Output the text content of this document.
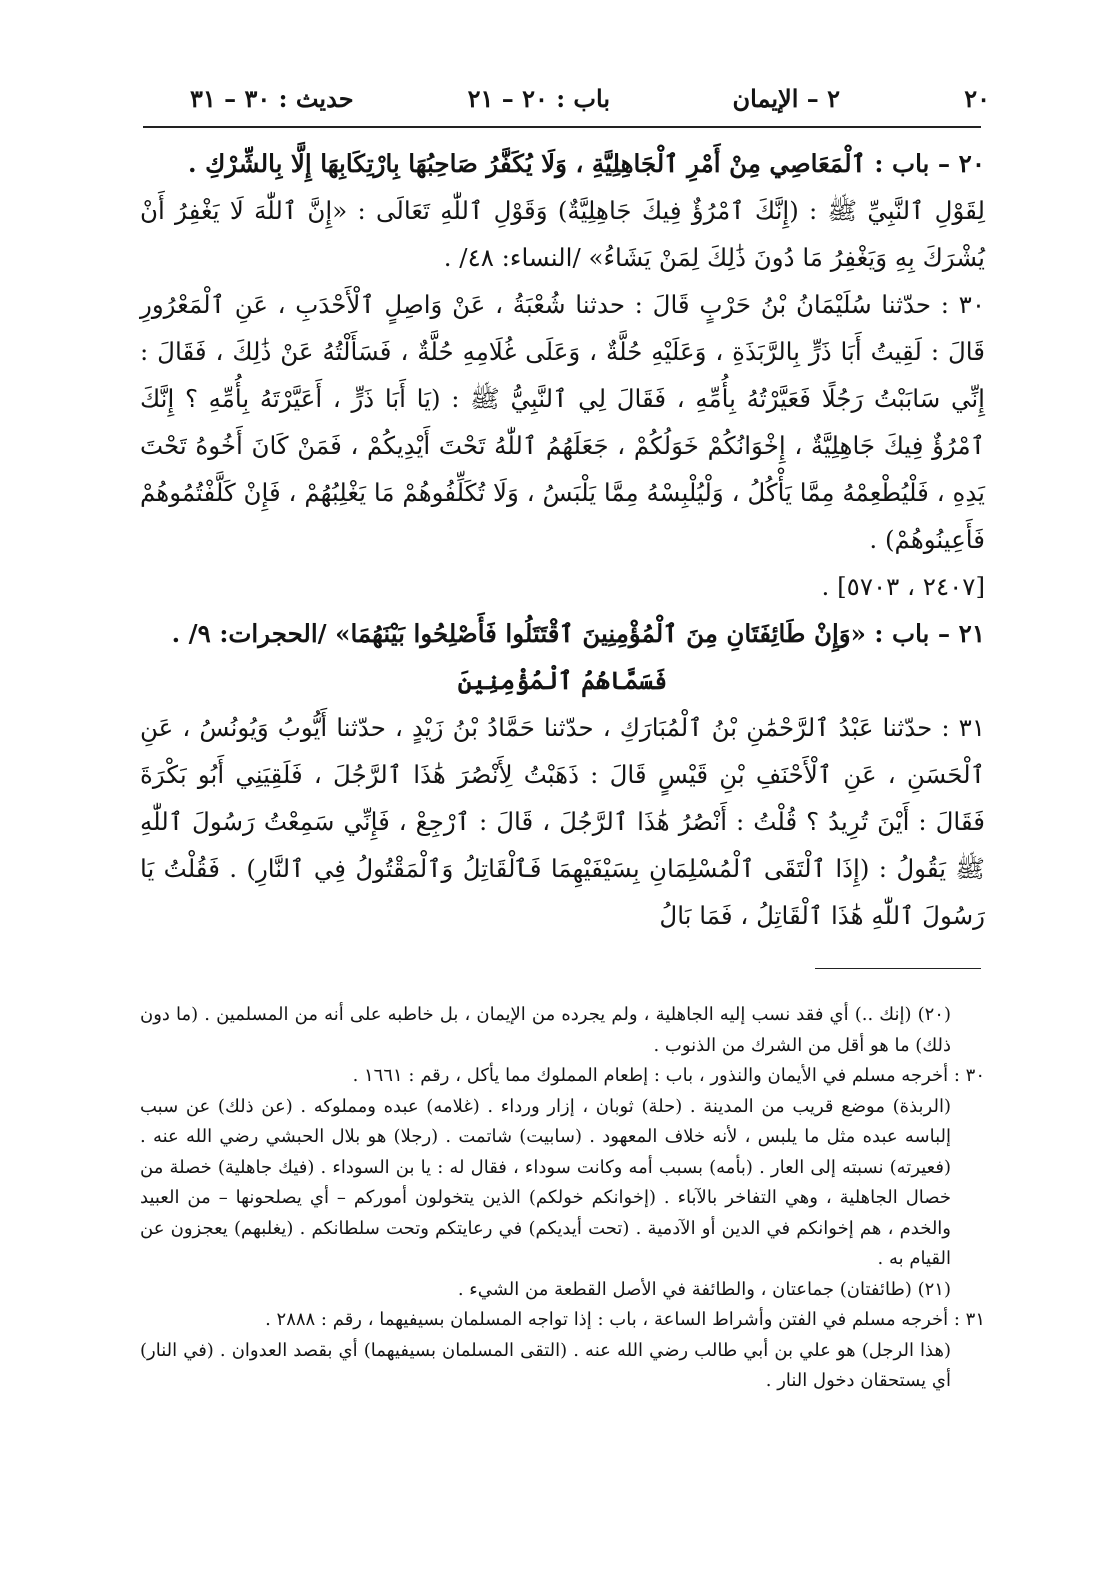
٢٠
٢ – الإيمان
باب : ٢٠ – ٢١
حديث : ٣٠ – ٣١

٢٠ – باب : ٱلْمَعَاصِي مِنْ أَمْرِ ٱلْجَاهِلِيَّةِ ، وَلَا يُكَفَّرُ صَاحِبُهَا بِارْتِكَابِهَا إِلَّا بِالشِّرْكِ .

لِقَوْلِ ٱلنَّبِيِّ ﷺ : (إِنَّكَ ٱمْرُؤٌ فِيكَ جَاهِلِيَّةٌ) وَقَوْلِ ٱللّٰهِ تَعَالَى : «إِنَّ ٱللّٰهَ لَا يَغْفِرُ أَنْ يُشْرَكَ بِهِ وَيَغْفِرُ مَا دُونَ ذَٰلِكَ لِمَنْ يَشَاءُ» /النساء: ٤٨/ .

٣٠ : حدّثنا سُلَيْمَانُ بْنُ حَرْبٍ قَالَ : حدثنا شُعْبَةُ ، عَنْ وَاصِلٍ ٱلْأَحْدَبِ ، عَنِ ٱلْمَعْرُورِ قَالَ : لَقِيتُ أَبَا ذَرٍّ بِالرَّبَذَةِ ، وَعَلَيْهِ حُلَّةٌ ، وَعَلَى غُلَامِهِ حُلَّةٌ ، فَسَأَلْتُهُ عَنْ ذَٰلِكَ ، فَقَالَ : إِنِّي سَابَبْتُ رَجُلًا فَعَيَّرْتُهُ بِأُمِّهِ ، فَقَالَ لِي ٱلنَّبِيُّ ﷺ : (يَا أَبَا ذَرٍّ ، أَعَيَّرْتَهُ بِأُمِّهِ ؟ إِنَّكَ ٱمْرُؤٌ فِيكَ جَاهِلِيَّةٌ ، إِخْوَانُكُمْ خَوَلُكُمْ ، جَعَلَهُمُ ٱللّٰهُ تَحْتَ أَيْدِيكُمْ ، فَمَنْ كَانَ أَخُوهُ تَحْتَ يَدِهِ ، فَلْيُطْعِمْهُ مِمَّا يَأْكُلُ ، وَلْيُلْبِسْهُ مِمَّا يَلْبَسُ ، وَلَا تُكَلِّفُوهُمْ مَا يَغْلِبُهُمْ ، فَإِنْ كَلَّفْتُمُوهُمْ فَأَعِينُوهُمْ) .

[٢٤٠٧ ، ٥٧٠٣] .

٢١ – باب : «وَإِنْ طَائِفَتَانِ مِنَ ٱلْمُؤْمِنِينَ ٱقْتَتَلُوا فَأَصْلِحُوا بَيْنَهُمَا» /الحجرات: ٩/ .

فَسَمَّاهُمُ ٱلْمُؤْمِنِينَ

٣١ : حدّثنا عَبْدُ ٱلرَّحْمَٰنِ بْنُ ٱلْمُبَارَكِ ، حدّثنا حَمَّادُ بْنُ زَيْدٍ ، حدّثنا أَيُّوبُ وَيُونُسُ ، عَنِ ٱلْحَسَنِ ، عَنِ ٱلْأَحْنَفِ بْنِ قَيْسٍ قَالَ : ذَهَبْتُ لِأَنْصُرَ هَٰذَا ٱلرَّجُلَ ، فَلَقِيَنِي أَبُو بَكْرَةَ فَقَالَ : أَيْنَ تُرِيدُ ؟ قُلْتُ : أَنْصُرُ هَٰذَا ٱلرَّجُلَ ، قَالَ : ٱرْجِعْ ، فَإِنِّي سَمِعْتُ رَسُولَ ٱللّٰهِ ﷺ يَقُولُ : (إِذَا ٱلْتَقَى ٱلْمُسْلِمَانِ بِسَيْفَيْهِمَا فَٱلْقَاتِلُ وَٱلْمَقْتُولُ فِي ٱلنَّارِ) . فَقُلْتُ يَا رَسُولَ ٱللّٰهِ هَٰذَا ٱلْقَاتِلُ ، فَمَا بَالُ

(٢٠) (إنك ..) أي فقد نسب إليه الجاهلية ، ولم يجرده من الإيمان ، بل خاطبه على أنه من المسلمين . (ما دون ذلك) ما هو أقل من الشرك من الذنوب .

٣٠ : أخرجه مسلم في الأيمان والنذور ، باب : إطعام المملوك مما يأكل ، رقم : ١٦٦١ .

(الربذة) موضع قريب من المدينة . (حلة) ثوبان ، إزار ورداء . (غلامه) عبده ومملوكه . (عن ذلك) عن سبب إلباسه عبده مثل ما يلبس ، لأنه خلاف المعهود . (سابيت) شاتمت . (رجلا) هو بلال الحبشي رضي الله عنه . (فعيرته) نسبته إلى العار . (بأمه) بسبب أمه وكانت سوداء ، فقال له : يا بن السوداء . (فيك جاهلية) خصلة من خصال الجاهلية ، وهي التفاخر بالآباء . (إخوانكم خولكم) الذين يتخولون أموركم – أي يصلحونها – من العبيد والخدم ، هم إخوانكم في الدين أو الآدمية . (تحت أيديكم) في رعايتكم وتحت سلطانكم . (يغلبهم) يعجزون عن القيام به .

(٢١) (طائفتان) جماعتان ، والطائفة في الأصل القطعة من الشيء .

٣١ : أخرجه مسلم في الفتن وأشراط الساعة ، باب : إذا تواجه المسلمان بسيفيهما ، رقم : ٢٨٨٨ .

(هذا الرجل) هو علي بن أبي طالب رضي الله عنه . (التقى المسلمان بسيفيهما) أي بقصد العدوان . (في النار) أي يستحقان دخول النار .
